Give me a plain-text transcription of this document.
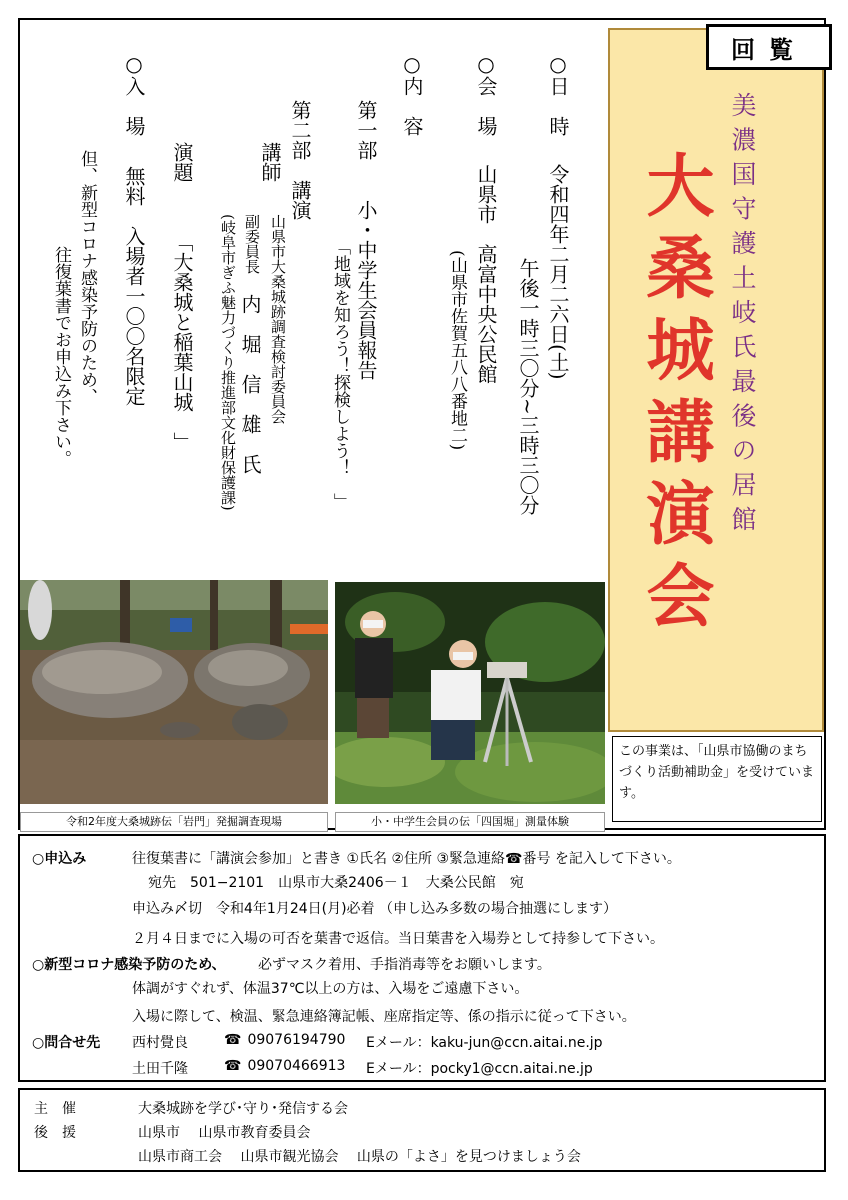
○日　時
令和四年二月二六日(土)
午後一時三〇分~三時三〇分
○会　場
山県市　高富中央公民館
(山県市佐賀五八八番地二)
○内　容
第一部
小・中学生会員報告
「地域を知ろう！探検しよう！　」
第二部　講演
講師
山県市大桑城跡調査検討委員会
副委員長
内　堀　信　雄　氏
(岐阜市ぎふ魅力づくり推進部文化財保護課)
演題
「大桑城と稲葉山城　」
○入　場
無料　入場者一〇〇名限定
但、新型コロナ感染予防のため、
往復葉書でお申込み下さい。
回覧
美濃国守護土岐氏最後の居館
大桑城講演会
この事業は、「山県市協働のまちづくり活動補助金」を受けています。
令和2年度大桑城跡伝「岩門」発掘調査現場	小・中学生会員の伝「四国堀」測量体験
○申込み	往復葉書に「講演会参加」と書き ①氏名 ②住所 ③緊急連絡☎番号 を記入して下さい。
宛先　501−2101　山県市大桑2406－１　大桑公民館　宛
申込み〆切　令和4年1月24日(月)必着 （申し込み多数の場合抽選にします）
２月４日までに入場の可否を葉書で返信。当日葉書を入場券として持参して下さい。
○新型コロナ感染予防のため、 必ずマスク着用、手指消毒等をお願いします。
体調がすぐれず、体温37℃以上の方は、入場をご遠慮下さい。
入場に際して、検温、緊急連絡簿記帳、座席指定等、係の指示に従って下さい。
○問合せ先 西村覺良	☎ 09076194790 Eメール：kaku-jun@ccn.aitai.ne.jp
土田千隆	☎ 09070466913 Eメール：pocky1@ccn.aitai.ne.jp
主　催	大桑城跡を学び･守り･発信する会
後　援	山県市　 山県市教育委員会
山県市商工会　 山県市観光協会　 山県の「よさ」を見つけましょう会
